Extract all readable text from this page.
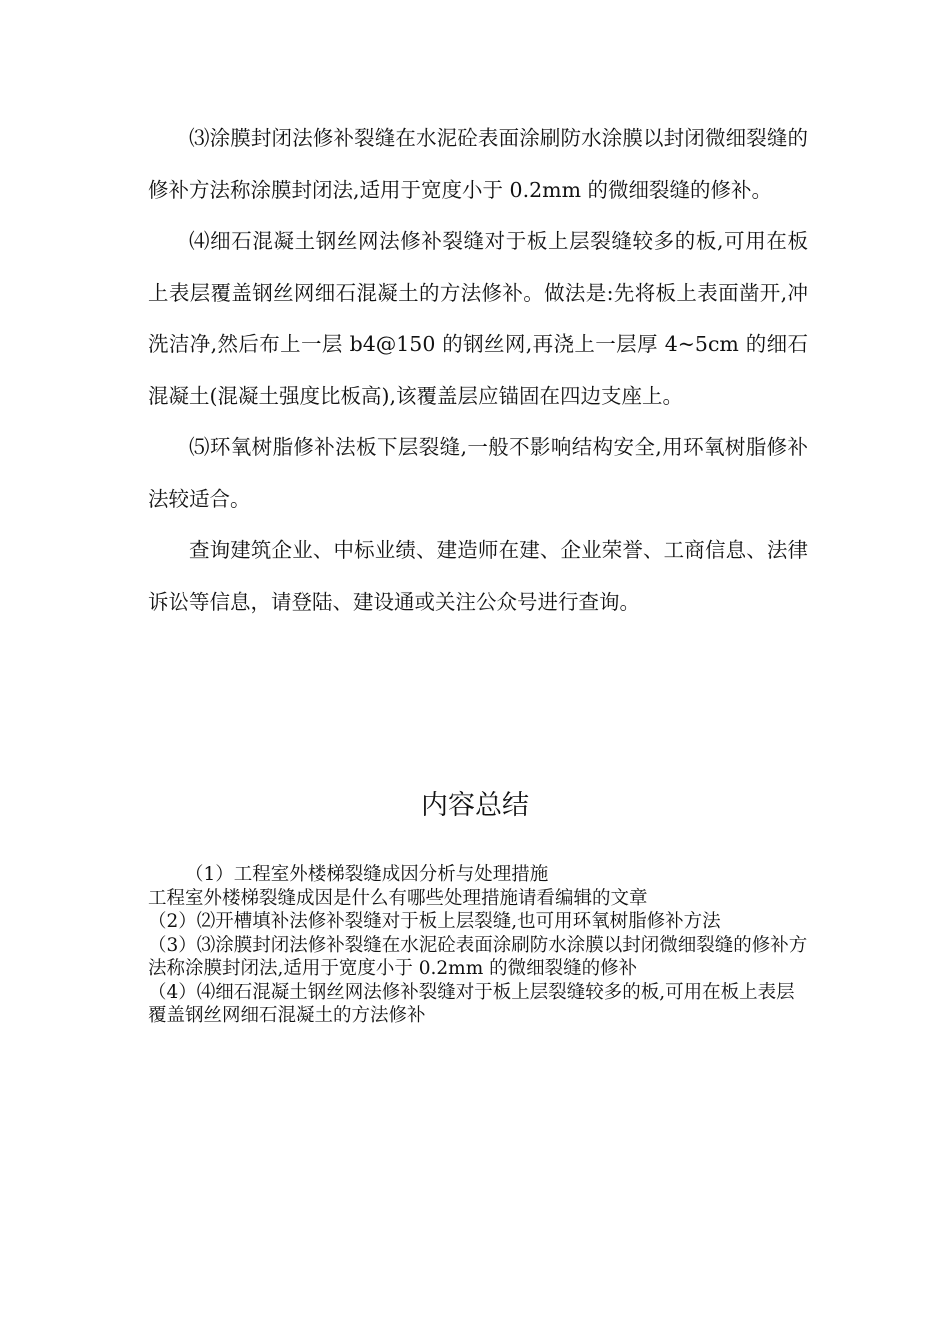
⑶涂膜封闭法修补裂缝在水泥砼表面涂刷防水涂膜以封闭微细裂缝的修补方法称涂膜封闭法,适用于宽度小于 0.2mm 的微细裂缝的修补。

⑷细石混凝土钢丝网法修补裂缝对于板上层裂缝较多的板,可用在板上表层覆盖钢丝网细石混凝土的方法修补。做法是:先将板上表面凿开,冲洗洁净,然后布上一层 b4@150 的钢丝网,再浇上一层厚 4~5cm 的细石混凝土(混凝土强度比板高),该覆盖层应锚固在四边支座上。

⑸环氧树脂修补法板下层裂缝,一般不影响结构安全,用环氧树脂修补法较适合。

查询建筑企业、中标业绩、建造师在建、企业荣誉、工商信息、法律诉讼等信息，请登陆、建设通或关注公众号进行查询。

内容总结
（1）工程室外楼梯裂缝成因分析与处理措施
工程室外楼梯裂缝成因是什么有哪些处理措施请看编辑的文章
（2）⑵开槽填补法修补裂缝对于板上层裂缝,也可用环氧树脂修补方法
（3）⑶涂膜封闭法修补裂缝在水泥砼表面涂刷防水涂膜以封闭微细裂缝的修补方法称涂膜封闭法,适用于宽度小于 0.2mm 的微细裂缝的修补
（4）⑷细石混凝土钢丝网法修补裂缝对于板上层裂缝较多的板,可用在板上表层覆盖钢丝网细石混凝土的方法修补
